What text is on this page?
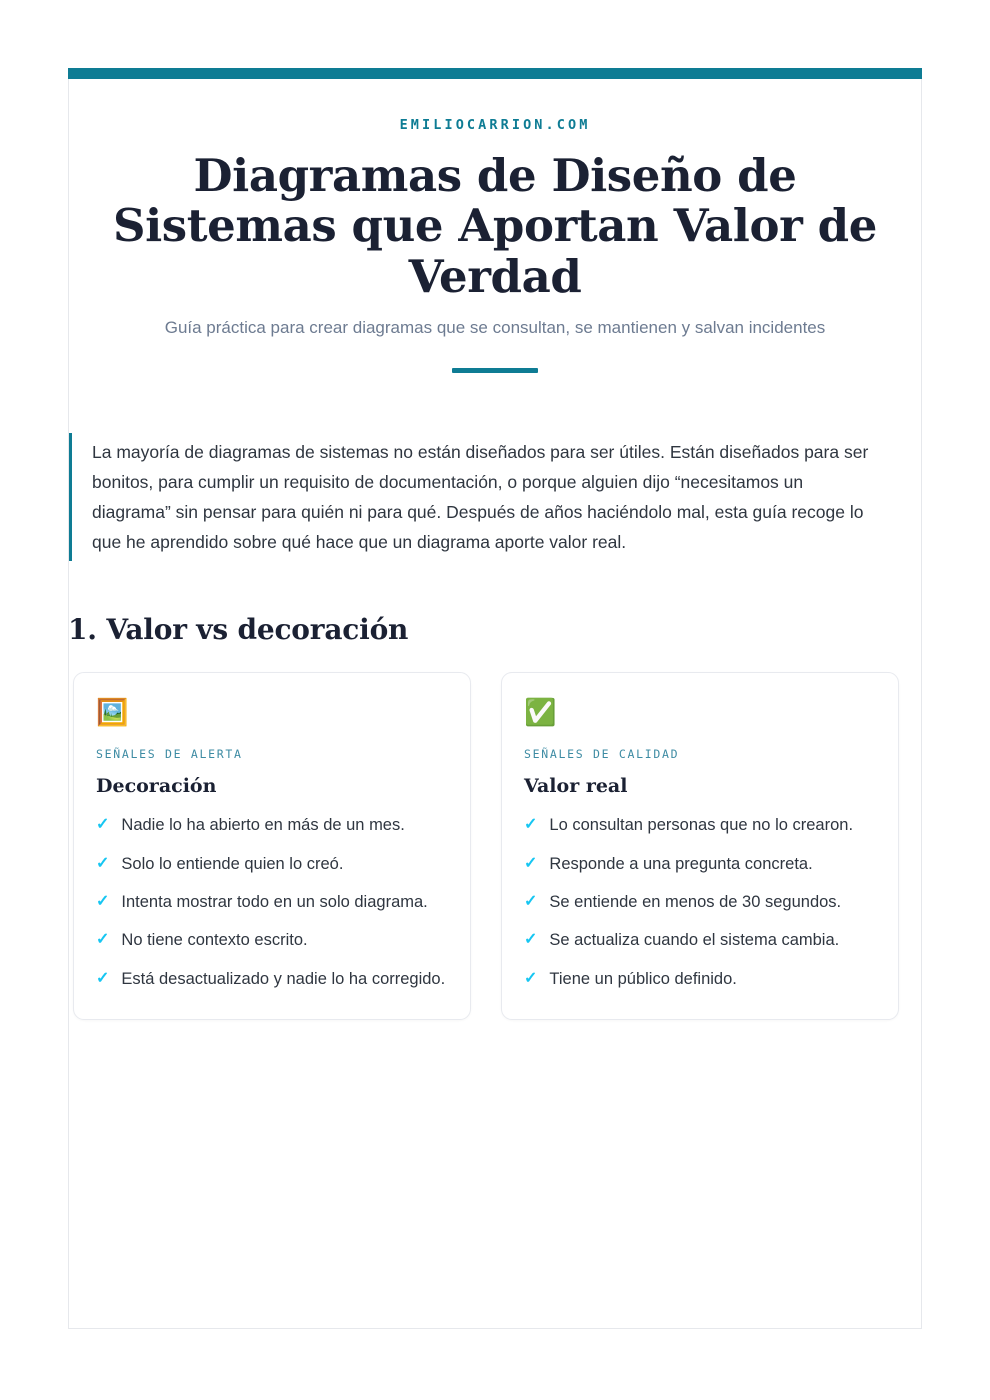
EMILIOCARRION.COM
Diagramas de Diseño de Sistemas que Aportan Valor de Verdad

Guía práctica para crear diagramas que se consultan, se mantienen y salvan incidentes

La mayoría de diagramas de sistemas no están diseñados para ser útiles. Están diseñados para ser bonitos, para cumplir un requisito de documentación, o porque alguien dijo “necesitamos un diagrama” sin pensar para quién ni para qué. Después de años haciéndolo mal, esta guía recoge lo que he aprendido sobre qué hace que un diagrama aporte valor real.

1. Valor vs decoración
🖼️
SEÑALES DE ALERTA
Decoración
✓ Nadie lo ha abierto en más de un mes.
✓ Solo lo entiende quien lo creó.
✓ Intenta mostrar todo en un solo diagrama.
✓ No tiene contexto escrito.
✓ Está desactualizado y nadie lo ha corregido.
✅
SEÑALES DE CALIDAD
Valor real
✓ Lo consultan personas que no lo crearon.
✓ Responde a una pregunta concreta.
✓ Se entiende en menos de 30 segundos.
✓ Se actualiza cuando el sistema cambia.
✓ Tiene un público definido.
